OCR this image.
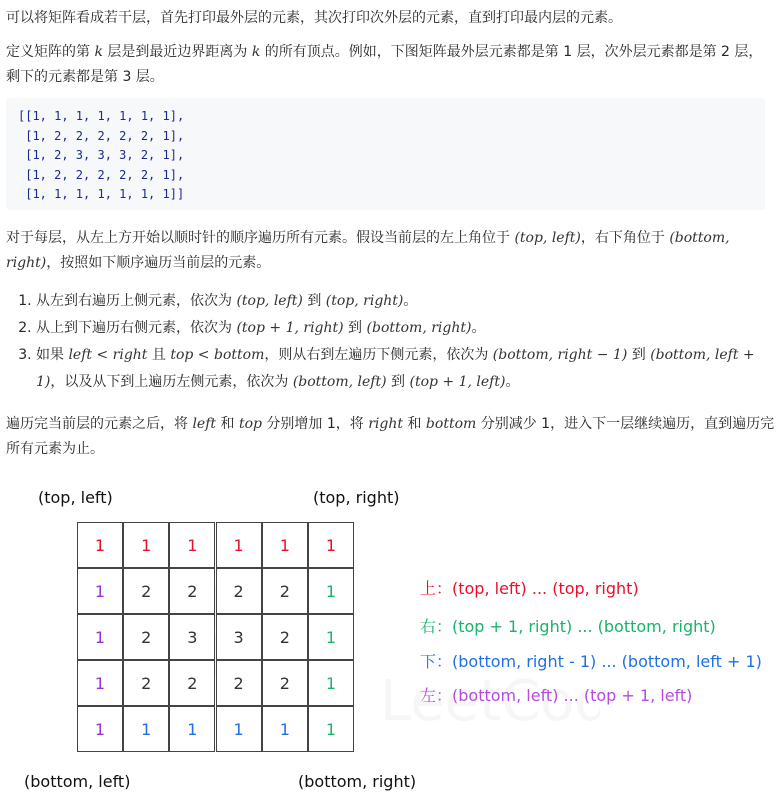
可以将矩阵看成若干层，首先打印最外层的元素，其次打印次外层的元素，直到打印最内层的元素。

定义矩阵的第 k 层是到最近边界距离为 k 的所有顶点。例如，下图矩阵最外层元素都是第 1 层，次外层元素都是第 2 层，剩下的元素都是第 3 层。

[[1, 1, 1, 1, 1, 1, 1],
[1, 2, 2, 2, 2, 2, 1],
[1, 2, 3, 3, 3, 2, 1],
[1, 2, 2, 2, 2, 2, 1],
[1, 1, 1, 1, 1, 1, 1]]

对于每层，从左上方开始以顺时针的顺序遍历所有元素。假设当前层的左上角位于 (top, left)，右下角位于 (bottom, right)，按照如下顺序遍历当前层的元素。

1. 从左到右遍历上侧元素，依次为 (top, left) 到 (top, right)。
2. 从上到下遍历右侧元素，依次为 (top + 1, right) 到 (bottom, right)。
3. 如果 left < right 且 top < bottom，则从右到左遍历下侧元素，依次为 (bottom, right − 1) 到 (bottom, left + 1)，以及从下到上遍历左侧元素，依次为 (bottom, left) 到 (top + 1, left)。

遍历完当前层的元素之后，将 left 和 top 分别增加 1，将 right 和 bottom 分别减少 1，进入下一层继续遍历，直到遍历完所有元素为止。

LeetCod
(top, left)	(top, right)
(bottom, left)	(bottom, right)
1	1	1	1	1	1
1	2	2	2	2	1
1	2	3	3	2	1
1	2	2	2	2	1
1	1	1	1	1	1
上：(top, left) ... (top, right)
右：(top + 1, right) ... (bottom, right)
下：(bottom, right - 1) ... (bottom, left + 1)
左：(bottom, left) ... (top + 1, left)
